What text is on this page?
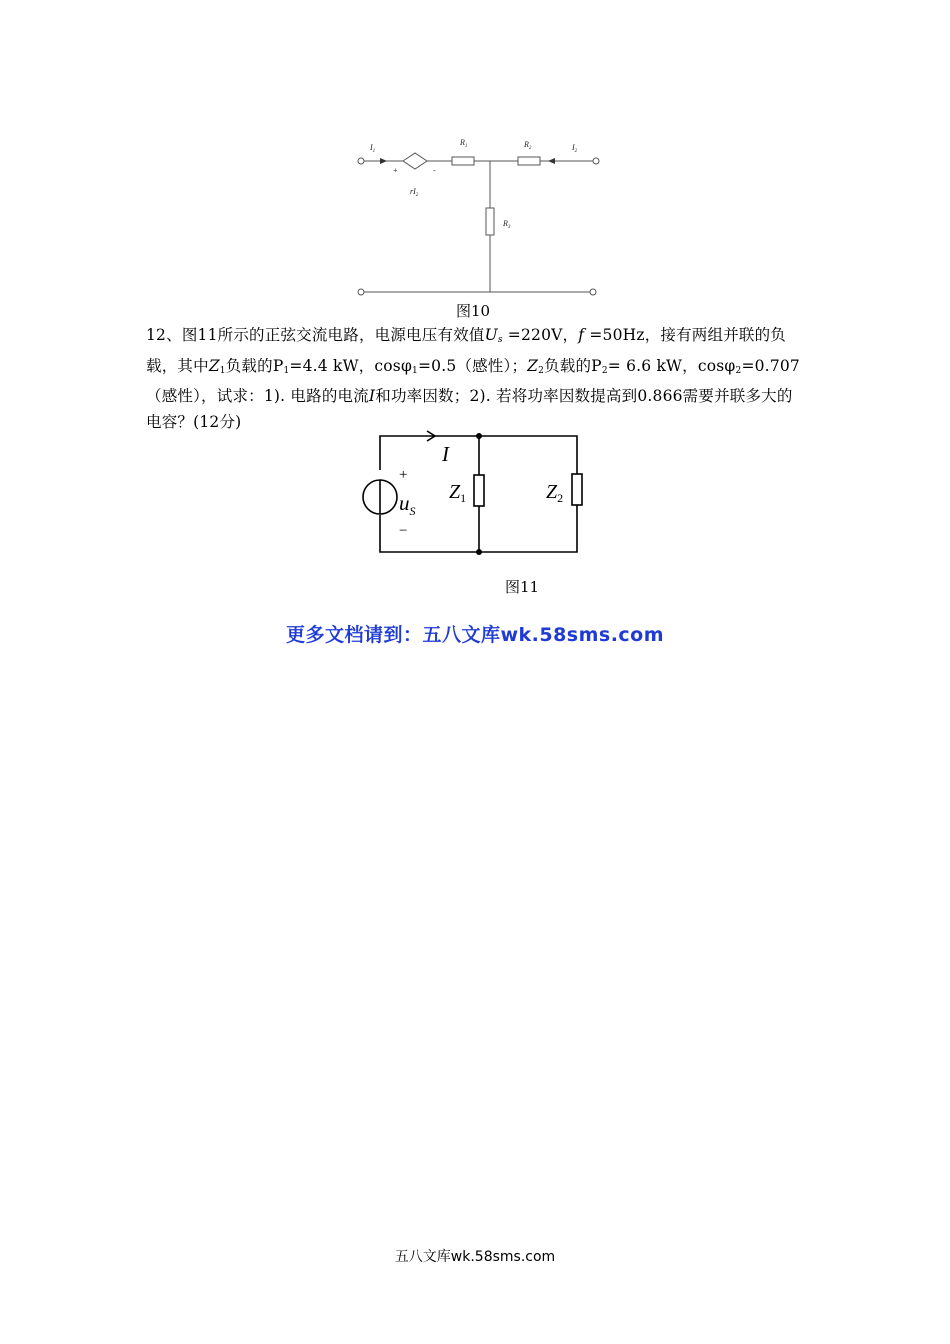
$I_1$
$R_1$	$R_2$	$I_2$
$R_3$
$rI_2$
+	-
图10
12、图11所示的正弦交流电路，电源电压有效值$U_s =220V$，f =50Hz，接有两组并联的负载，其中$Z_1$负载的$P_1=4.4$ kW，cosφ$_1$=0.5（感性）；$Z_2$负载的$P_2= 6.6$ kW，cosφ$_2$=0.707（感性），试求：1). 电路的电流I和功率因数；2). 若将功率因数提高到0.866需要并联多大的电容？(12分)
I
+
$u_S$
−
$Z_1$	$Z_2$
图11
更多文档请到：五八文库wk.58sms.com
五八文库wk.58sms.com
